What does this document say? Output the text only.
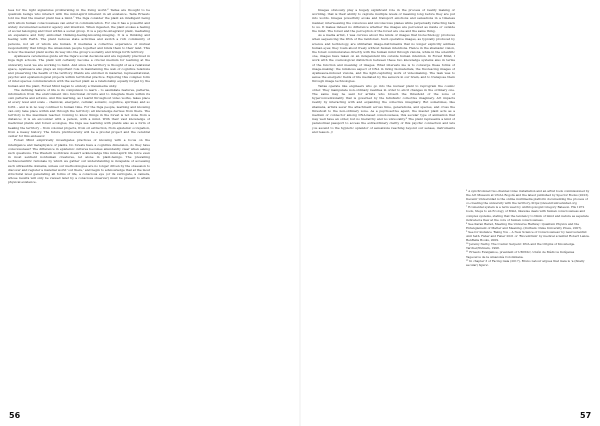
tees for the light signatures proliferating in the living world.⁶ Taitas are thought to be quantum beings who interact with the mind-spirit inherent in all existence. Taita Ernesto told me that the master plant has a mind.⁷ The Inga consider the plant an intelligent being with whom human consciousness can enter in communication. For one it has a powerful and widely documented semiotic agency and intention. When ingested, the plant evokes a feeling of social belonging and trust within a social group. It is a psycho-integrator plant, mediating an expansive and fully embodied thinking-feeling-knowing-imaging. It is a thinking and feeling with Earth. The plant reduces state activities and switch a rich community of persons, not all of whom are human. It mediates a collective experience of mutual responsibility that brings the Amazonian people together and binds them to their land. This is how the master plant works its way into the group's sociality and brings forth territory.

Ayahuasca ceremonies guide all the Inga's social decisions and are regularly practiced in Inga high schools. The plant will certainly become a crucial medium for learning at the university level we are working to build. And since the territory is thought of as a relational space, Ayahuasca also plays an important role in maintaining the web of cognitive relations and preserving the health of the territory. Plants are enrolled in material, representational, psychic and epistemological projects within territorial practice. Exploring this complex form of inter-species communication with the sacred plant as a relationship equally forged by the human and the plant, Forest Mind began to embody a transmedia unity.

The defining feature of life is its compulsion to learn – to assimilate features, patterns, information from the environment into functional circuits and to integrate them within its own patterns and actions. And this learning, as I learnt throughout video works, takes place at every level and scale – chemical, energetic, cellular, somatic, cognitive, spiritual, and so forth – and is in no way confined to human time. For the Inga people, learning and knowing can only take place within and through the territory; all knowledge derives from there. The territory is the maximum teacher. Coming to know things in the forest is not done from a distance; it is an encounter with a person, with a mind. With their vast knowledge of medicinal plants and forest ecologies, the Inga see learning with plants also as a form of healing the territory – from colonial projects, from oil extraction, from epistemic occupation, from a messy history. The future plurituversity will be a pivotal project and the cerebral center for this endeavor.

Forest Mind empirically investigates practices of knowing with a focus on the intelligence and metaphysics of plants. Do forests have a cognitive dimension, do they have consciousness? The difference in epistemic cultures becomes abundantly clear when asking such questions. The Western worldview doesn't acknowledge this mind-spirit life force even in most sentient nonhuman creatures, let alone in plant-beings. The prevailing technoscientific rationale by which we gather our understanding is incapable of accessing such ultrasubtle domains, unless our methodologies are no longer driven by the obsession to discover and register a material world 'out there,' and begin to acknowledge that at the most structural level generating all forms of life, a conscious eye (or its surrogate, a camera, whose results will only be viewed later by a conscious observer) must be present to attain physical existence.

Images obviously play a hugely significant role in the process of reality making or worlding, that is their ability to capture multiple levels of meaning long before they are put into words. Images powerfully evoke and transport emotions and sensations in a timeless manner, interweaving the conscious and unconscious planes while perpetually reflecting back to us. It makes indeed no difference whether the images are perceived as inside or outside the mind. The forest and the perception of the forest are one and the same thing.

As a media artist, I was curious about the kinds of images that biotechnology produces when sequencing the DNA of the rainforest. Such operative images, as typically produced by science and technology, are utilitarian image-instruments that no longer explicitly address human eyes; they roam about freely without human intentions. Hence in the shamanic vision, the forest communicates directly with the human mind through visions, while in the scientific one, images have taken on an independent life outside human intention. In Forest Mind, I work with the cosmological distinction between these two knowledge systems also in terms of the function and meaning of images. What interests me is to converge these forms of image-making: the luminous aspect of DNA in living biomaterials, the fluorescing images of Ayahuasca-induced visions, and the light-capturing work of videomaking. The task was to sense the energetic fields of life mediated by the sensors in our brain, and to transpose them through image technologies.

Taitas operate like engineers who go into the nuclear plant to reprogram the cosmic order. They manipulate non-ordinary realities in order to elicit changes in the ordinary one. The same may be said for artists who broach the threshold of the zone of hyperconventionality that is governed by the fetishistic collective imaginary. Art impacts reality by interacting with and expanding the collective imaginary. But sometimes, like shamans, artists sever the attachment across time, generations, and species, and cross the threshold to the non-ordinary zone. As a psychoactive agent, the master plant acts as a medium or connector among DNA-based consciousness, this secular type of animation that may well have an order, but no hierarchy and no univocality.⁸ The plant represents a kind of paranormal passport to access the extraordinary clarity of this psychic connection and lets you ascend to the hypnotic splendor of sensations reaching beyond our senses, instruments and reason. //

⁶ A synchronized two-channel video installation and an artist book commissioned by the Art Museum at UNAL Bogotá and the latest published by Spector Books (2023). Devenir Universidad is the online multimedia platform documenting the process of co-creating the university with the territory, https://devenir.universidad.org

⁷ Ecomental system is a term used by Anthropologist Gregory Bateson. His 1972 book, Steps to an Ecology of Mind, likewise deals with human consciousness and complex systems, stating that the tendency to think of mind and nature as separate indicated a flaw at the core of human consciousness.

⁸ See Karan Barad, Meeting the Universe Halfway: Quantum Physics and the Entanglement of Matter and Meaning. (Durham: Duke University Press, 2007).

⁹ See for instance 'Being You – A New Science of Consciousness' by neuroscientist Anil Seth. Faber and Faber 2021 or 'Biocentrism' by medical scientist Robert Lanza. BenBella Books, 2009.

¹⁰ Jeremy Narby, The Cosmic Serpent: DNA and the Origins of Knowledge. Tarcher/Putnam, 1998.

¹¹ Ernesto Evanjamoe, president of UMIYAC, Unión de Médicos Indígenas Yageceros de la Amazonía Colombiana.

¹² In chapter 3 of Facing Gaia (2017), Bruno Latour argues that Gaia is 'a (finally secular) figure'.

56	57
